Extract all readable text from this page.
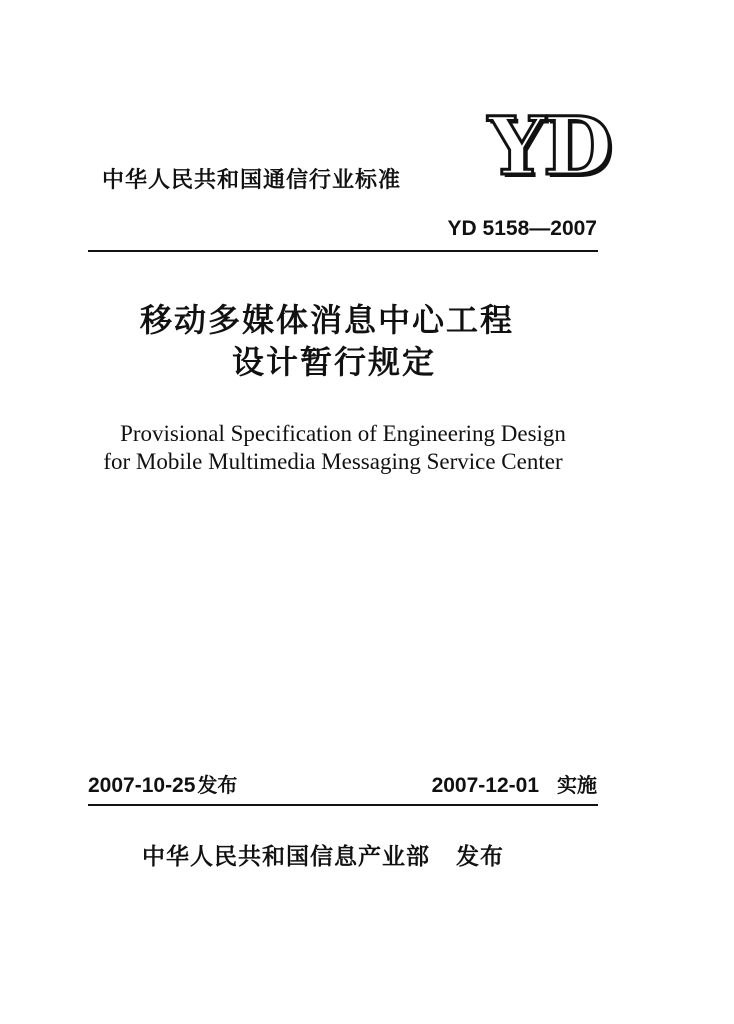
YD
中华人民共和国通信行业标准
YD 5158—2007
移动多媒体消息中心工程
设计暂行规定
Provisional Specification of Engineering Design
for Mobile Multimedia Messaging Service Center
2007-10-25 发布	2007-12-01 实施
中华人民共和国信息产业部 发布
